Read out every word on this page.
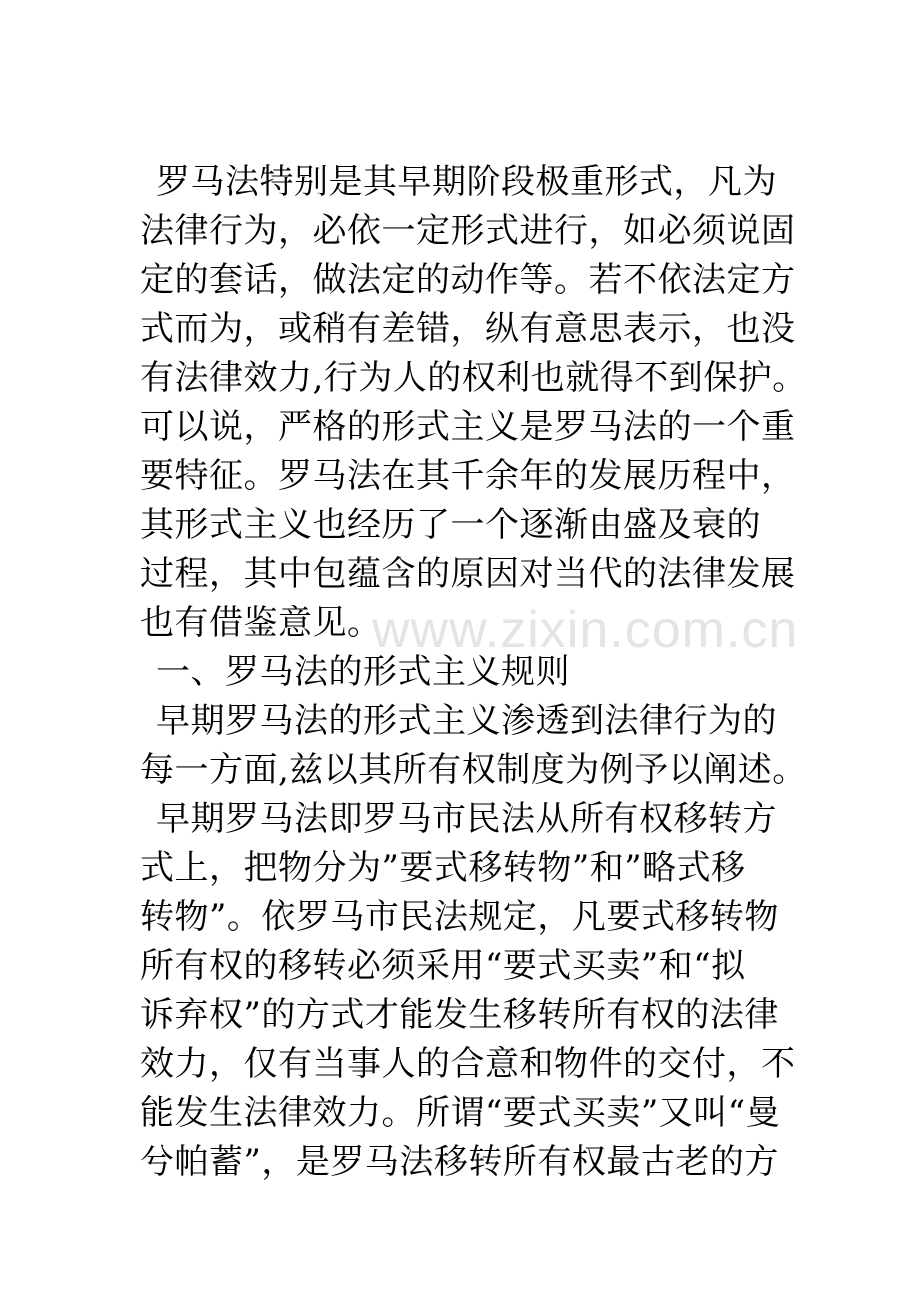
罗马法特别是其早期阶段极重形式，凡为
法律行为，必依一定形式进行，如必须说固
定的套话，做法定的动作等。若不依法定方
式而为，或稍有差错，纵有意思表示，也没
有法律效力,行为人的权利也就得不到保护。
可以说，严格的形式主义是罗马法的一个重
要特征。罗马法在其千余年的发展历程中，
其形式主义也经历了一个逐渐由盛及衰的
过程，其中包蕴含的原因对当代的法律发展
也有借鉴意见。
一、罗马法的形式主义规则
早期罗马法的形式主义渗透到法律行为的
每一方面,兹以其所有权制度为例予以阐述。
早期罗马法即罗马市民法从所有权移转方
式上，把物分为”要式移转物”和”略式移
转物”。依罗马市民法规定，凡要式移转物
所有权的移转必须采用“要式买卖”和“拟
诉弃权”的方式才能发生移转所有权的法律
效力，仅有当事人的合意和物件的交付，不
能发生法律效力。所谓“要式买卖”又叫“曼
兮帕蓄”，是罗马法移转所有权最古老的方
www.zixin.com.cn
